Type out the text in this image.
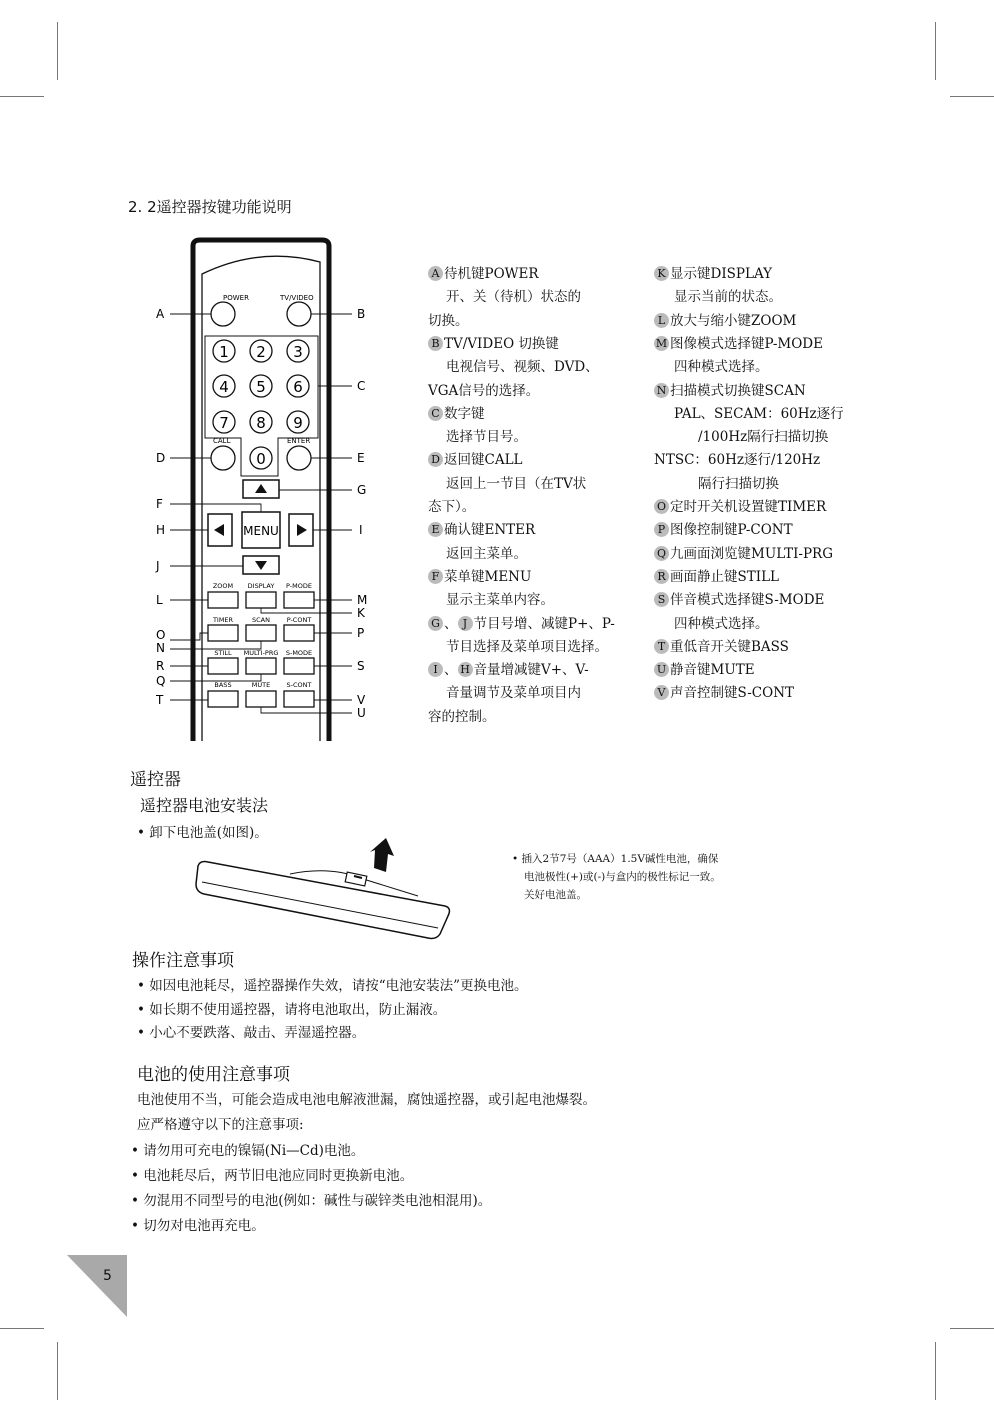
2. 2遥控器按键功能说明
POWER	TV/VIDEO
1 2 3
4 5 6
7 8 9
0
CALL	ENTER
MENU
ZOOM DISPLAY P-MODE
TIMER	SCAN	P-CONT
STILL MULTI-PRG S-MODE
BASS	MUTE	S-CONT
A
D
F
H
J
L
O
N
R
Q
T
B
C
E
G
I
M
K
P
S
V
U
A 待机键POWER
开、关（待机）状态的
切换。
B TV/VIDEO 切换键
电视信号、视频、DVD、
VGA信号的选择。
C 数字键
选择节目号。
D 返回键CALL
返回上一节目（在TV状
态下）。
E 确认键ENTER
返回主菜单。
F 菜单键MENU
显示主菜单内容。
G 、 J 节目号增、减键P+、P-
节目选择及菜单项目选择。
I 、 H 音量增减键V+、V-
音量调节及菜单项目内
容的控制。
K 显示键DISPLAY
显示当前的状态。
L 放大与缩小键ZOOM
M 图像模式选择键P-MODE
四种模式选择。
N 扫描模式切换键SCAN
PAL、SECAM：60Hz逐行
/100Hz隔行扫描切换
NTSC：60Hz逐行/120Hz
隔行扫描切换
O 定时开关机设置键TIMER
P 图像控制键P-CONT
Q 九画面浏览键MULTI-PRG
R 画面静止键STILL
S 伴音模式选择键S-MODE
四种模式选择。
T 重低音开关键BASS
U 静音键MUTE
V 声音控制键S-CONT
遥控器
遥控器电池安装法
• 卸下电池盖(如图)。
• 插入2节7号（AAA）1.5V碱性电池，确保
电池极性(+)或(-)与盒内的极性标记一致。
关好电池盖。
操作注意事项
• 如因电池耗尽，遥控器操作失效，请按“电池安装法”更换电池。
• 如长期不使用遥控器，请将电池取出，防止漏液。
• 小心不要跌落、敲击、弄湿遥控器。
电池的使用注意事项
电池使用不当，可能会造成电池电解液泄漏，腐蚀遥控器，或引起电池爆裂。
应严格遵守以下的注意事项:
• 请勿用可充电的镍镉(Ni—Cd)电池。
• 电池耗尽后，两节旧电池应同时更换新电池。
• 勿混用不同型号的电池(例如：碱性与碳锌类电池相混用)。
• 切勿对电池再充电。
5
